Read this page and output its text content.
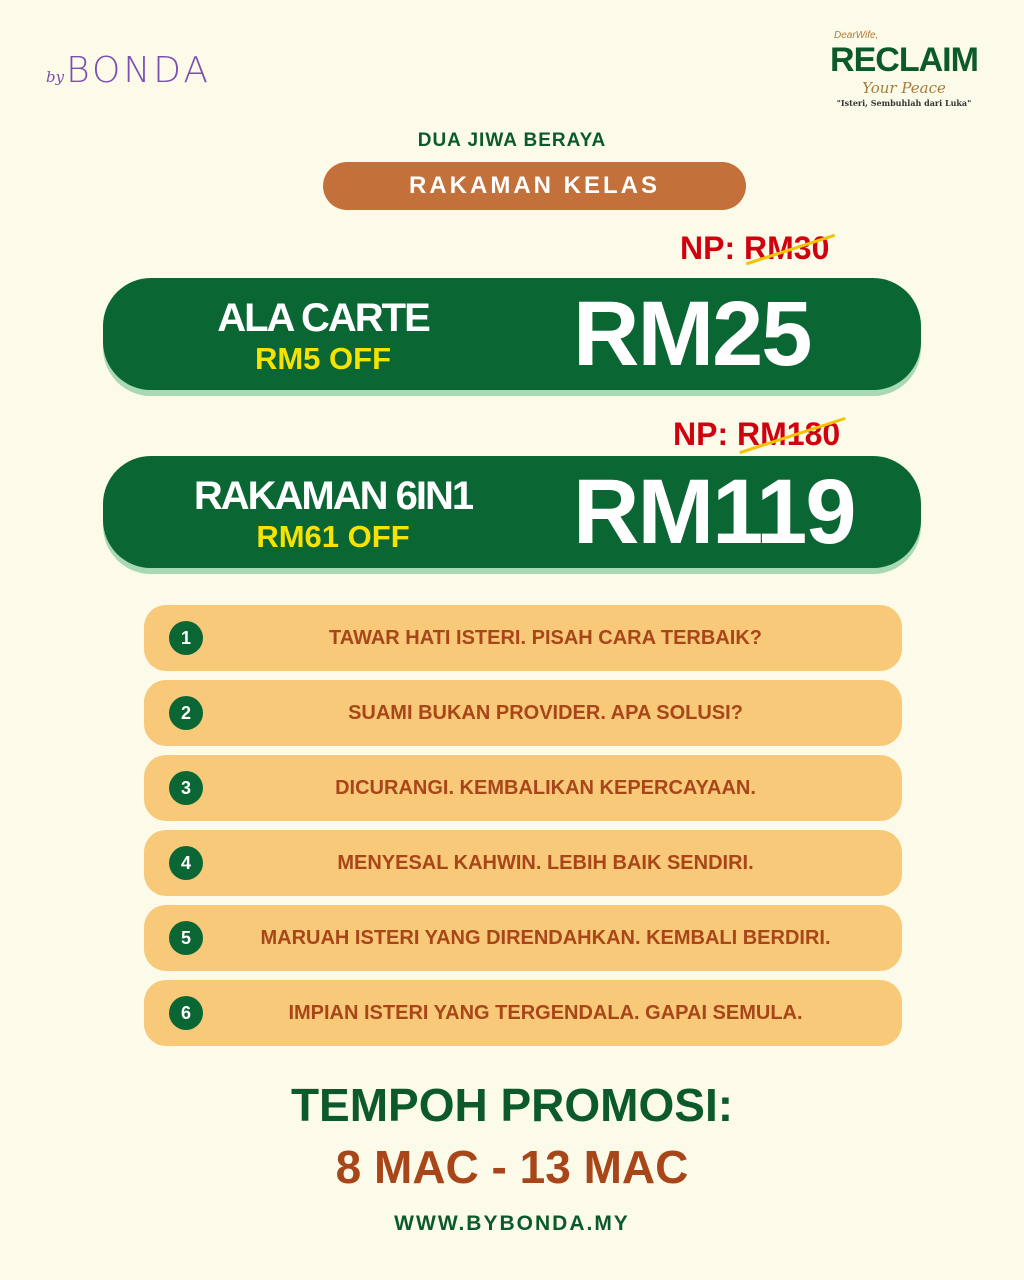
byBONDA
DearWife,
RECLAIM
Your Peace
"Isteri, Sembuhlah dari Luka"
DUA JIWA BERAYA
RAKAMAN KELAS
NP: RM30
ALA CARTE
RM5 OFF	RM25
NP: RM180
RAKAMAN 6IN1
RM61 OFF	RM119
1	TAWAR HATI ISTERI. PISAH CARA TERBAIK?
2	SUAMI BUKAN PROVIDER. APA SOLUSI?
3	DICURANGI. KEMBALIKAN KEPERCAYAAN.
4	MENYESAL KAHWIN. LEBIH BAIK SENDIRI.
5	MARUAH ISTERI YANG DIRENDAHKAN. KEMBALI BERDIRI.
6	IMPIAN ISTERI YANG TERGENDALA. GAPAI SEMULA.
TEMPOH PROMOSI:
8 MAC - 13 MAC
WWW.BYBONDA.MY
